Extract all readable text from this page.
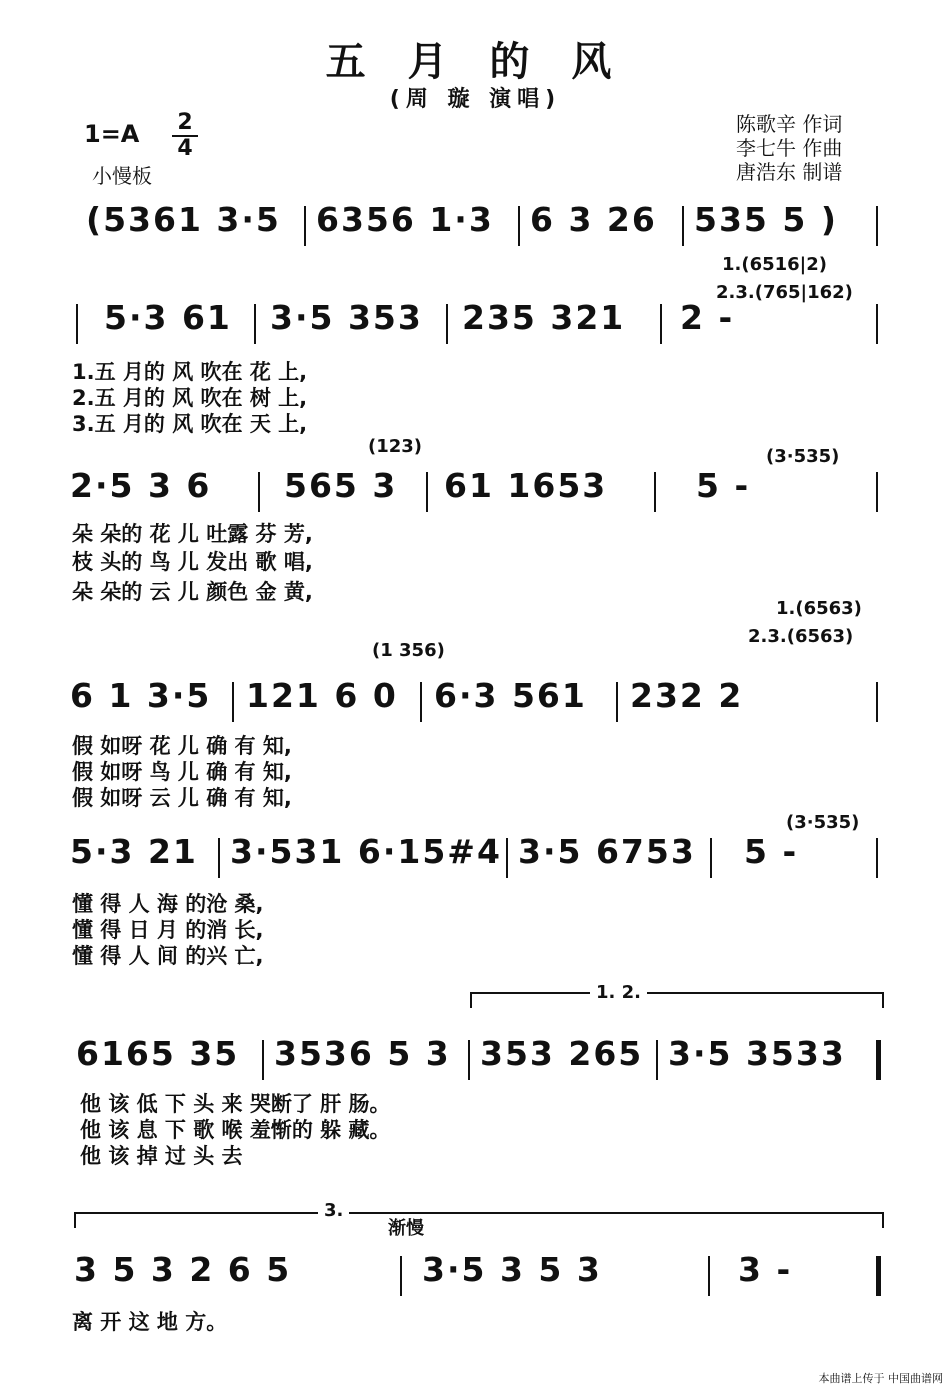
五 月 的 风
(周 璇 演唱)
1=A 2
4
小慢板
陈歌辛 作词
李七牛 作曲
唐浩东 制谱
(5361 3·5 6356 1·3 6 3 26 535 5 )
5·3 61 3·5 353 235 321 2 -
1.(6516|2)
2.3.(765|162)
1.五 月的 风 吹在 花 上,
2.五 月的 风 吹在 树 上,
3.五 月的 风 吹在 天 上,
2·5 3 6 565 3 61 1653	5 -
(123)	(3·535)
朵 朵的 花 儿 吐露 芬 芳,
枝 头的 鸟 儿 发出 歌 唱,
朵 朵的 云 儿 颜色 金 黄,
6 1 3·5 121 6 0 6·3 561 232 2
(1 356)
1.(6563)
2.3.(6563)
假 如呀 花 儿 确 有 知,
假 如呀 鸟 儿 确 有 知,
假 如呀 云 儿 确 有 知,
5·3 21 3·531 6·15#4 3·5 6753 5 -
(3·535)
懂 得 人 海 的沧 桑,
懂 得 日 月 的消 长,
懂 得 人 间 的兴 亡,
1. 2.
6165 35 3536 5 3 353 265 3·5 3533
他 该 低 下 头 来 哭断了 肝 肠。
他 该 息 下 歌 喉 羞惭的 躲 藏。
他 该 掉 过 头 去
3.
渐慢
3 5 3 2 6 5	3·5 3 5 3	3 -
离 开 这 地 方。
本曲谱上传于 中国曲谱网
